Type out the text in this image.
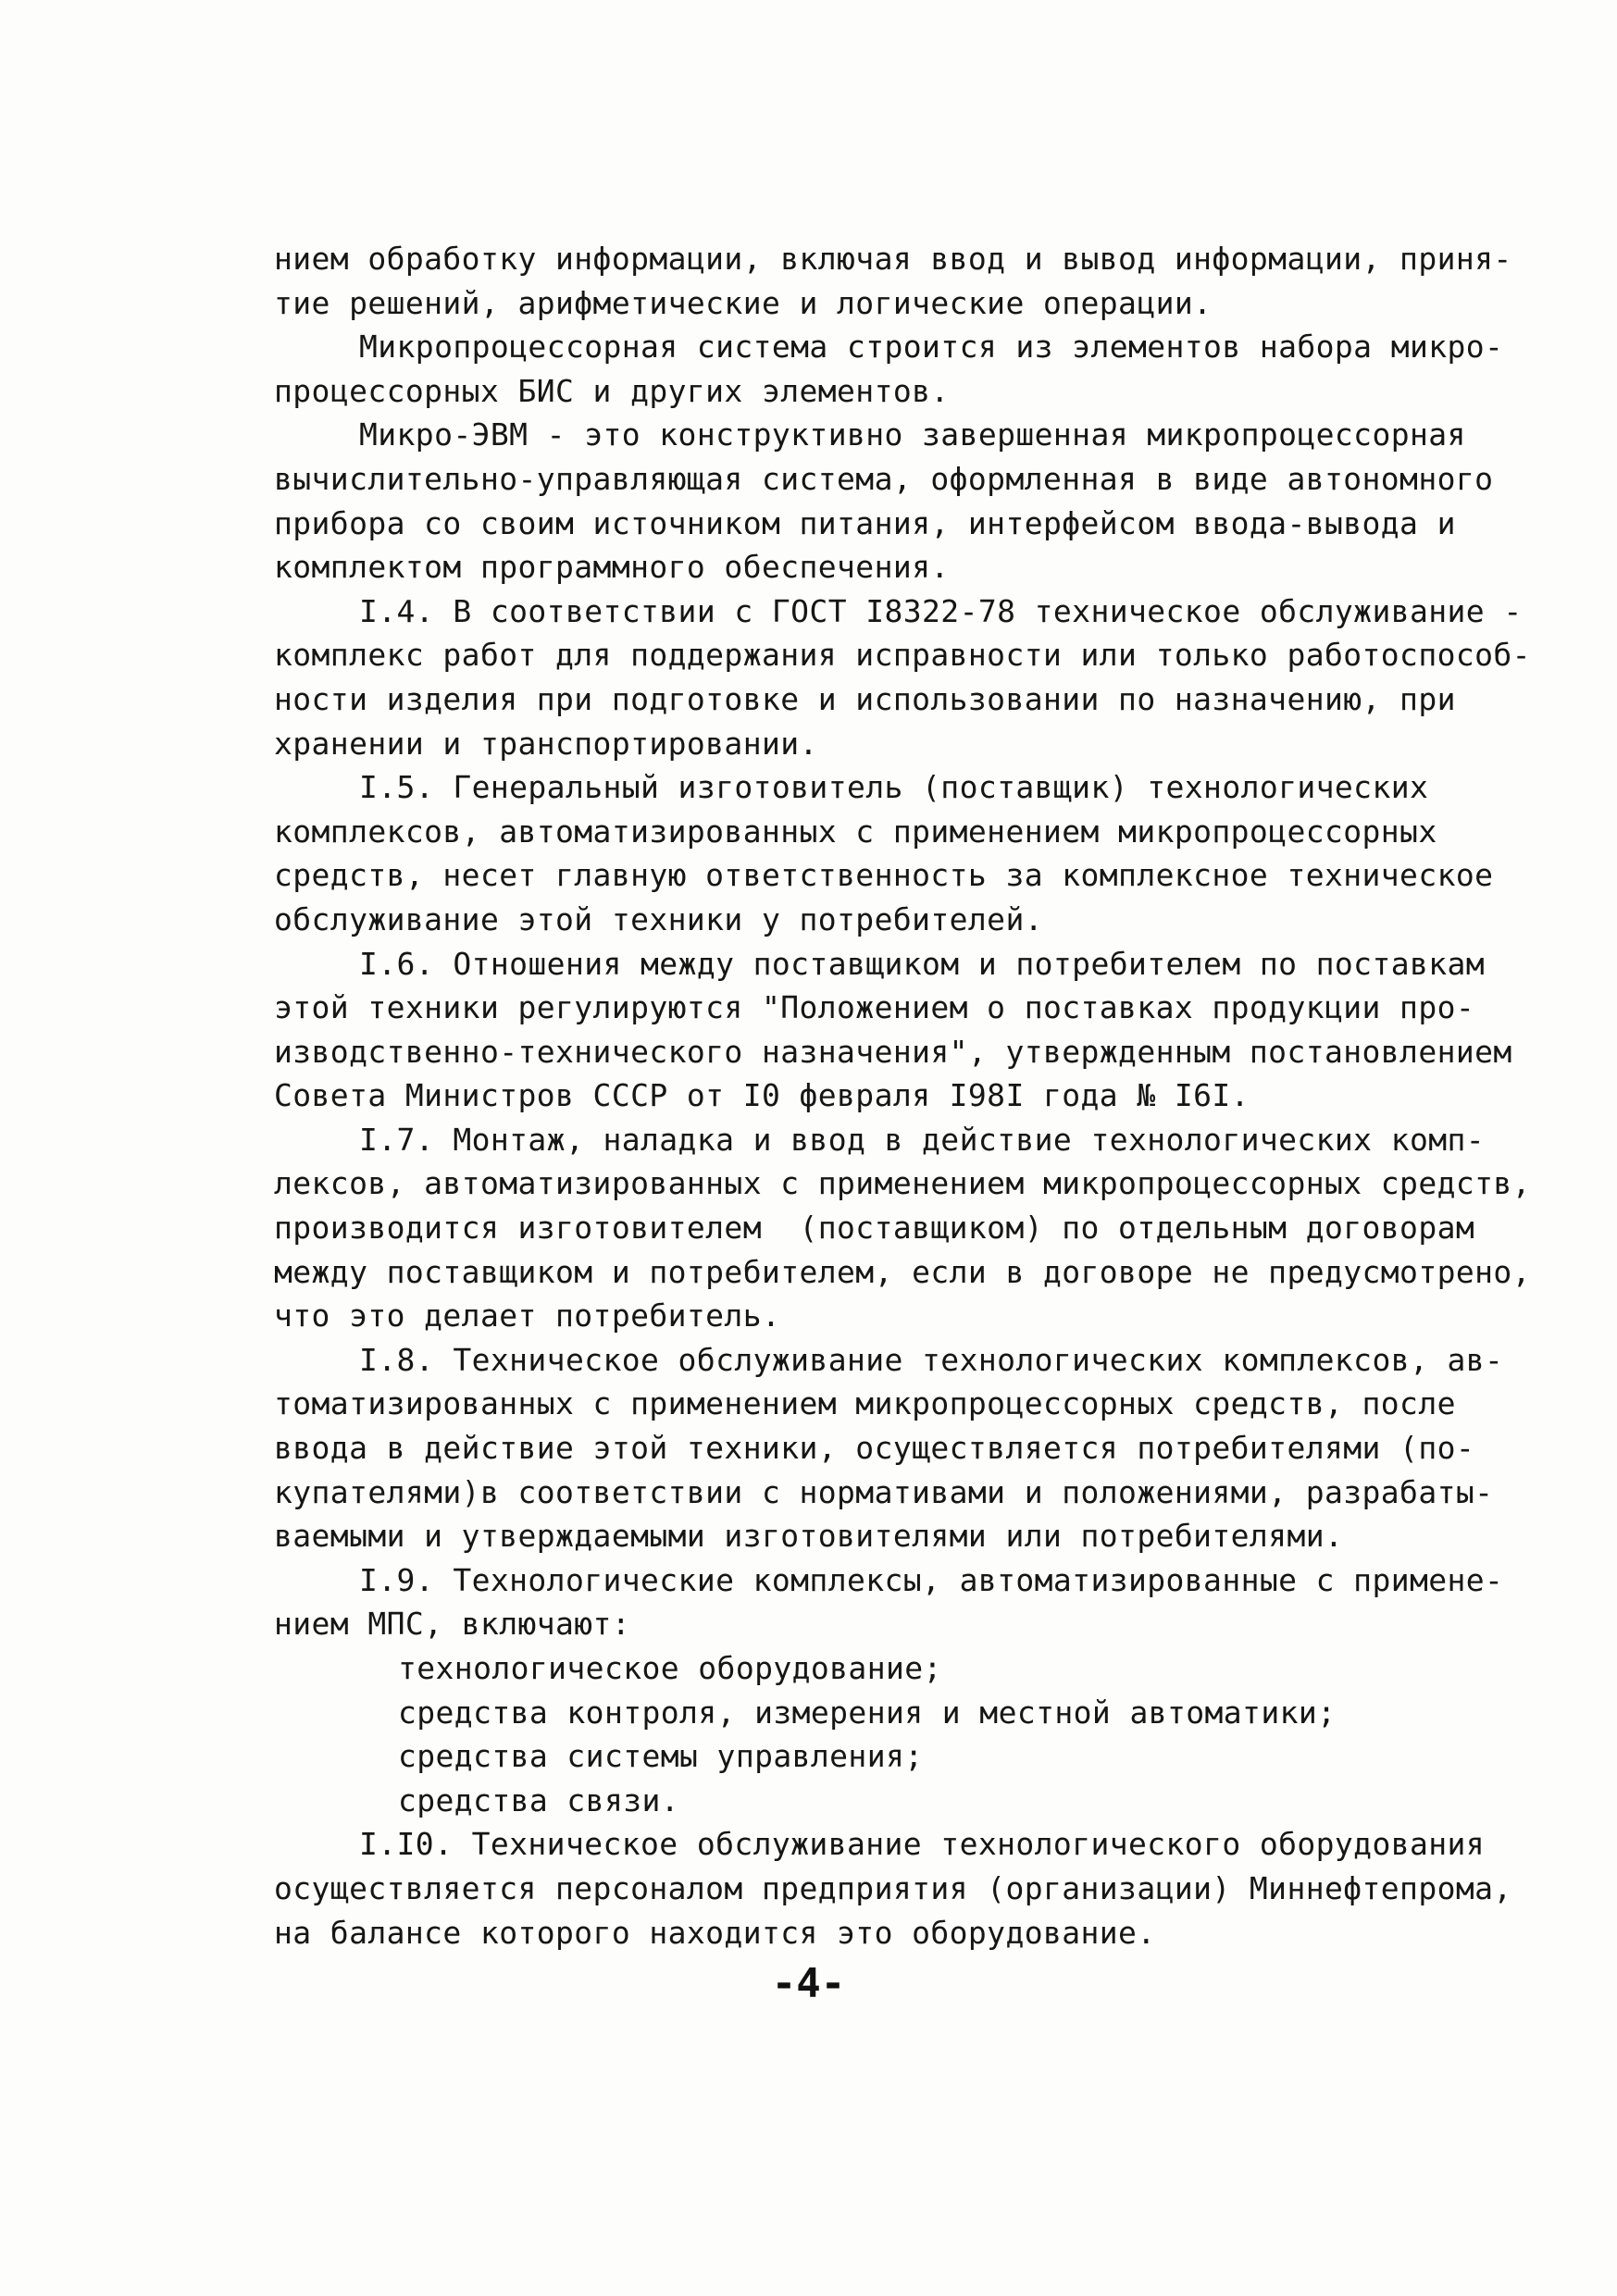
нием обработку информации, включая ввод и вывод информации, приня-
тие решений, арифметические и логические операции.
Микропроцессорная система строится из элементов набора микро-
процессорных БИС и других элементов.
Микро-ЭВМ - это конструктивно завершенная микропроцессорная
вычислительно-управляющая система, оформленная в виде автономного
прибора со своим источником питания, интерфейсом ввода-вывода и
комплектом программного обеспечения.
I.4. В соответствии с ГОСТ I8322-78 техническое обслуживание -
комплекс работ для поддержания исправности или только работоспособ-
ности изделия при подготовке и использовании по назначению, при
хранении и транспортировании.
I.5. Генеральный изготовитель (поставщик) технологических
комплексов, автоматизированных с применением микропроцессорных
средств, несет главную ответственность за комплексное техническое
обслуживание этой техники у потребителей.
I.6. Отношения между поставщиком и потребителем по поставкам
этой техники регулируются "Положением о поставках продукции про-
изводственно-технического назначения", утвержденным постановлением
Совета Министров СССР от I0 февраля I98I года № I6I.
I.7. Монтаж, наладка и ввод в действие технологических комп-
лексов, автоматизированных с применением микропроцессорных средств,
производится изготовителем  (поставщиком) по отдельным договорам
между поставщиком и потребителем, если в договоре не предусмотрено,
что это делает потребитель.
I.8. Техническое обслуживание технологических комплексов, ав-
томатизированных с применением микропроцессорных средств, после
ввода в действие этой техники, осуществляется потребителями (по-
купателями)в соответствии с нормативами и положениями, разрабаты-
ваемыми и утверждаемыми изготовителями или потребителями.
I.9. Технологические комплексы, автоматизированные с примене-
нием МПС, включают:
технологическое оборудование;
средства контроля, измерения и местной автоматики;
средства системы управления;
средства связи.
I.I0. Техническое обслуживание технологического оборудования
осуществляется персоналом предприятия (организации) Миннефтепрома,
на балансе которого находится это оборудование.
-4-
